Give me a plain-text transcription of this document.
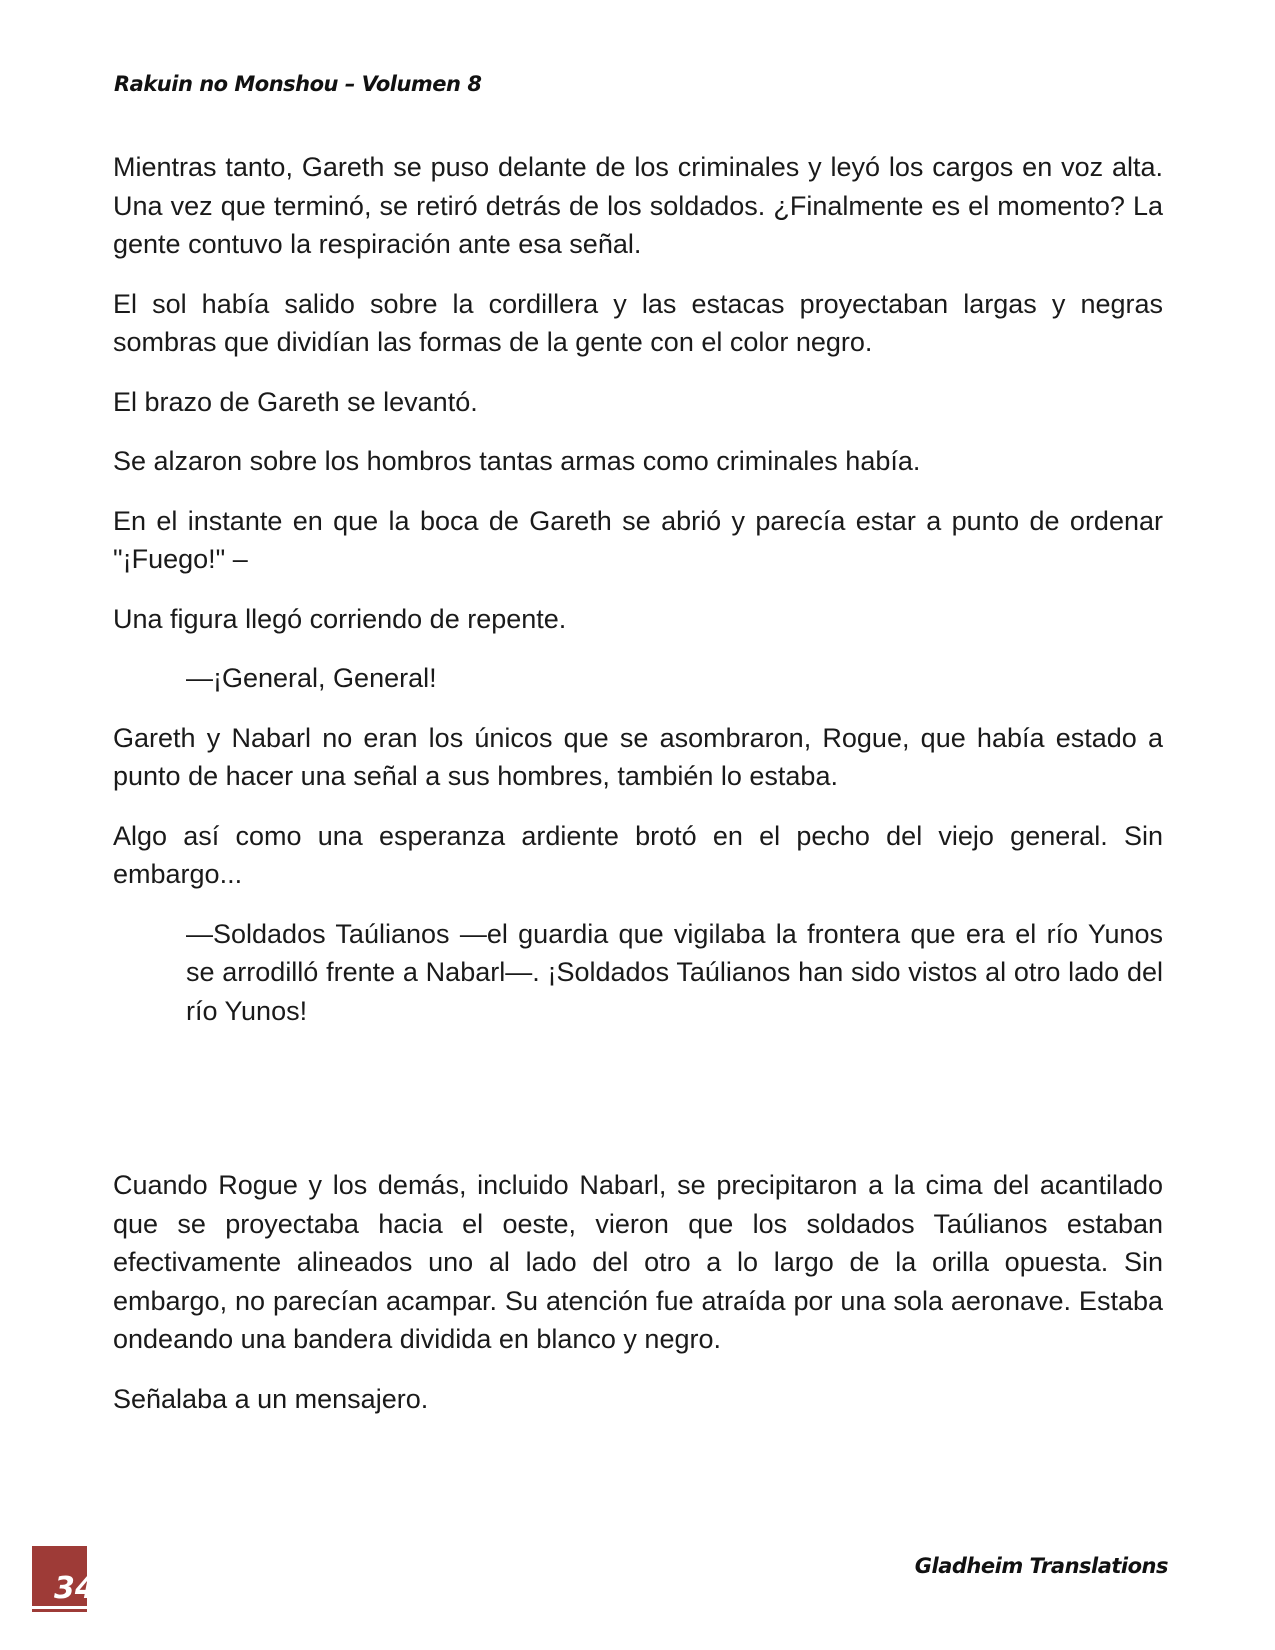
Rakuin no Monshou – Volumen 8

Mientras tanto, Gareth se puso delante de los criminales y leyó los cargos en voz alta. Una vez que terminó, se retiró detrás de los soldados. ¿Finalmente es el momento? La gente contuvo la respiración ante esa señal.

El sol había salido sobre la cordillera y las estacas proyectaban largas y negras sombras que dividían las formas de la gente con el color negro.

El brazo de Gareth se levantó.

Se alzaron sobre los hombros tantas armas como criminales había.

En el instante en que la boca de Gareth se abrió y parecía estar a punto de ordenar "¡Fuego!" –

Una figura llegó corriendo de repente.

—¡General, General!

Gareth y Nabarl no eran los únicos que se asombraron, Rogue, que había estado a punto de hacer una señal a sus hombres, también lo estaba.

Algo así como una esperanza ardiente brotó en el pecho del viejo general. Sin embargo...

—Soldados Taúlianos —el guardia que vigilaba la frontera que era el río Yunos se arrodilló frente a Nabarl—. ¡Soldados Taúlianos han sido vistos al otro lado del río Yunos!

Cuando Rogue y los demás, incluido Nabarl, se precipitaron a la cima del acantilado que se proyectaba hacia el oeste, vieron que los soldados Taúlianos estaban efectivamente alineados uno al lado del otro a lo largo de la orilla opuesta. Sin embargo, no parecían acampar. Su atención fue atraída por una sola aeronave. Estaba ondeando una bandera dividida en blanco y negro.

Señalaba a un mensajero.

34
Gladheim Translations
